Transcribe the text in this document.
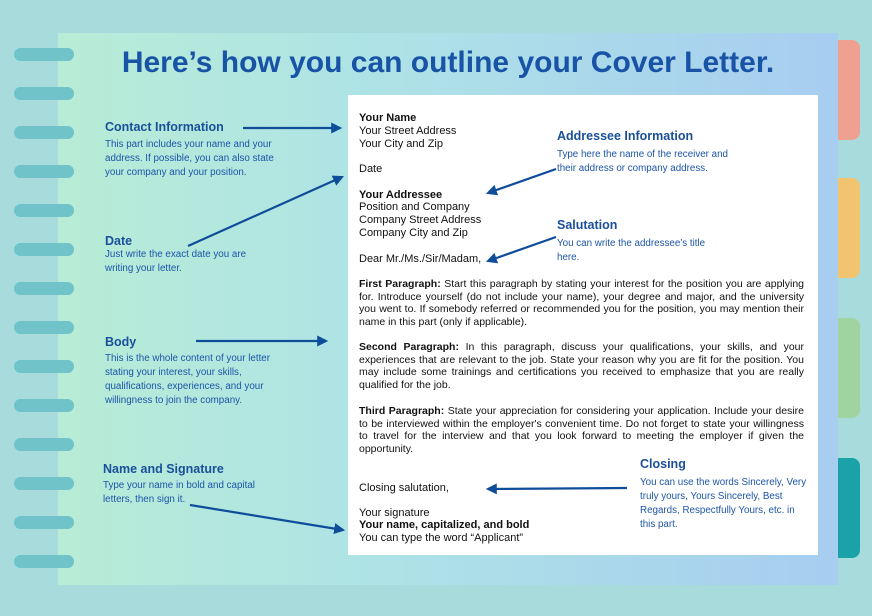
Here’s how you can outline your Cover Letter.
Contact Information
This part includes your name and your address. If possible, you can also state your company and your position.
Date
Just write the exact date you are writing your letter.
Body
This is the whole content of your letter stating your interest, your skills, qualifications, experiences, and your willingness to join the company.
Name and Signature
Type your name in bold and capital letters, then sign it.
Your Name
Your Street Address
Your City and Zip
Date
Your Addressee
Position and Company
Company Street Address
Company City and Zip
Dear Mr./Ms./Sir/Madam,
First Paragraph: Start this paragraph by stating your interest for the position you are applying for. Introduce yourself (do not include your name), your degree and major, and the university you went to. If somebody referred or recommended you for the position, you may mention their name in this part (only if applicable).
Second Paragraph: In this paragraph, discuss your qualifications, your skills, and your experiences that are relevant to the job. State your reason why you are fit for the position. You may include some trainings and certifications you received to emphasize that you are really qualified for the job.
Third Paragraph: State your appreciation for considering your application. Include your desire to be interviewed within the employer's convenient time. Do not forget to state your willingness to travel for the interview and that you look forward to meeting the employer if given the opportunity.
Closing salutation,
Your signature
Your name, capitalized, and bold
You can type the word “Applicant”
Addressee Information
Type here the name of the receiver and their address or company address.
Salutation
You can write the addressee’s title here.
Closing
You can use the words Sincerely, Very truly yours, Yours Sincerely, Best Regards, Respectfully Yours, etc. in this part.
